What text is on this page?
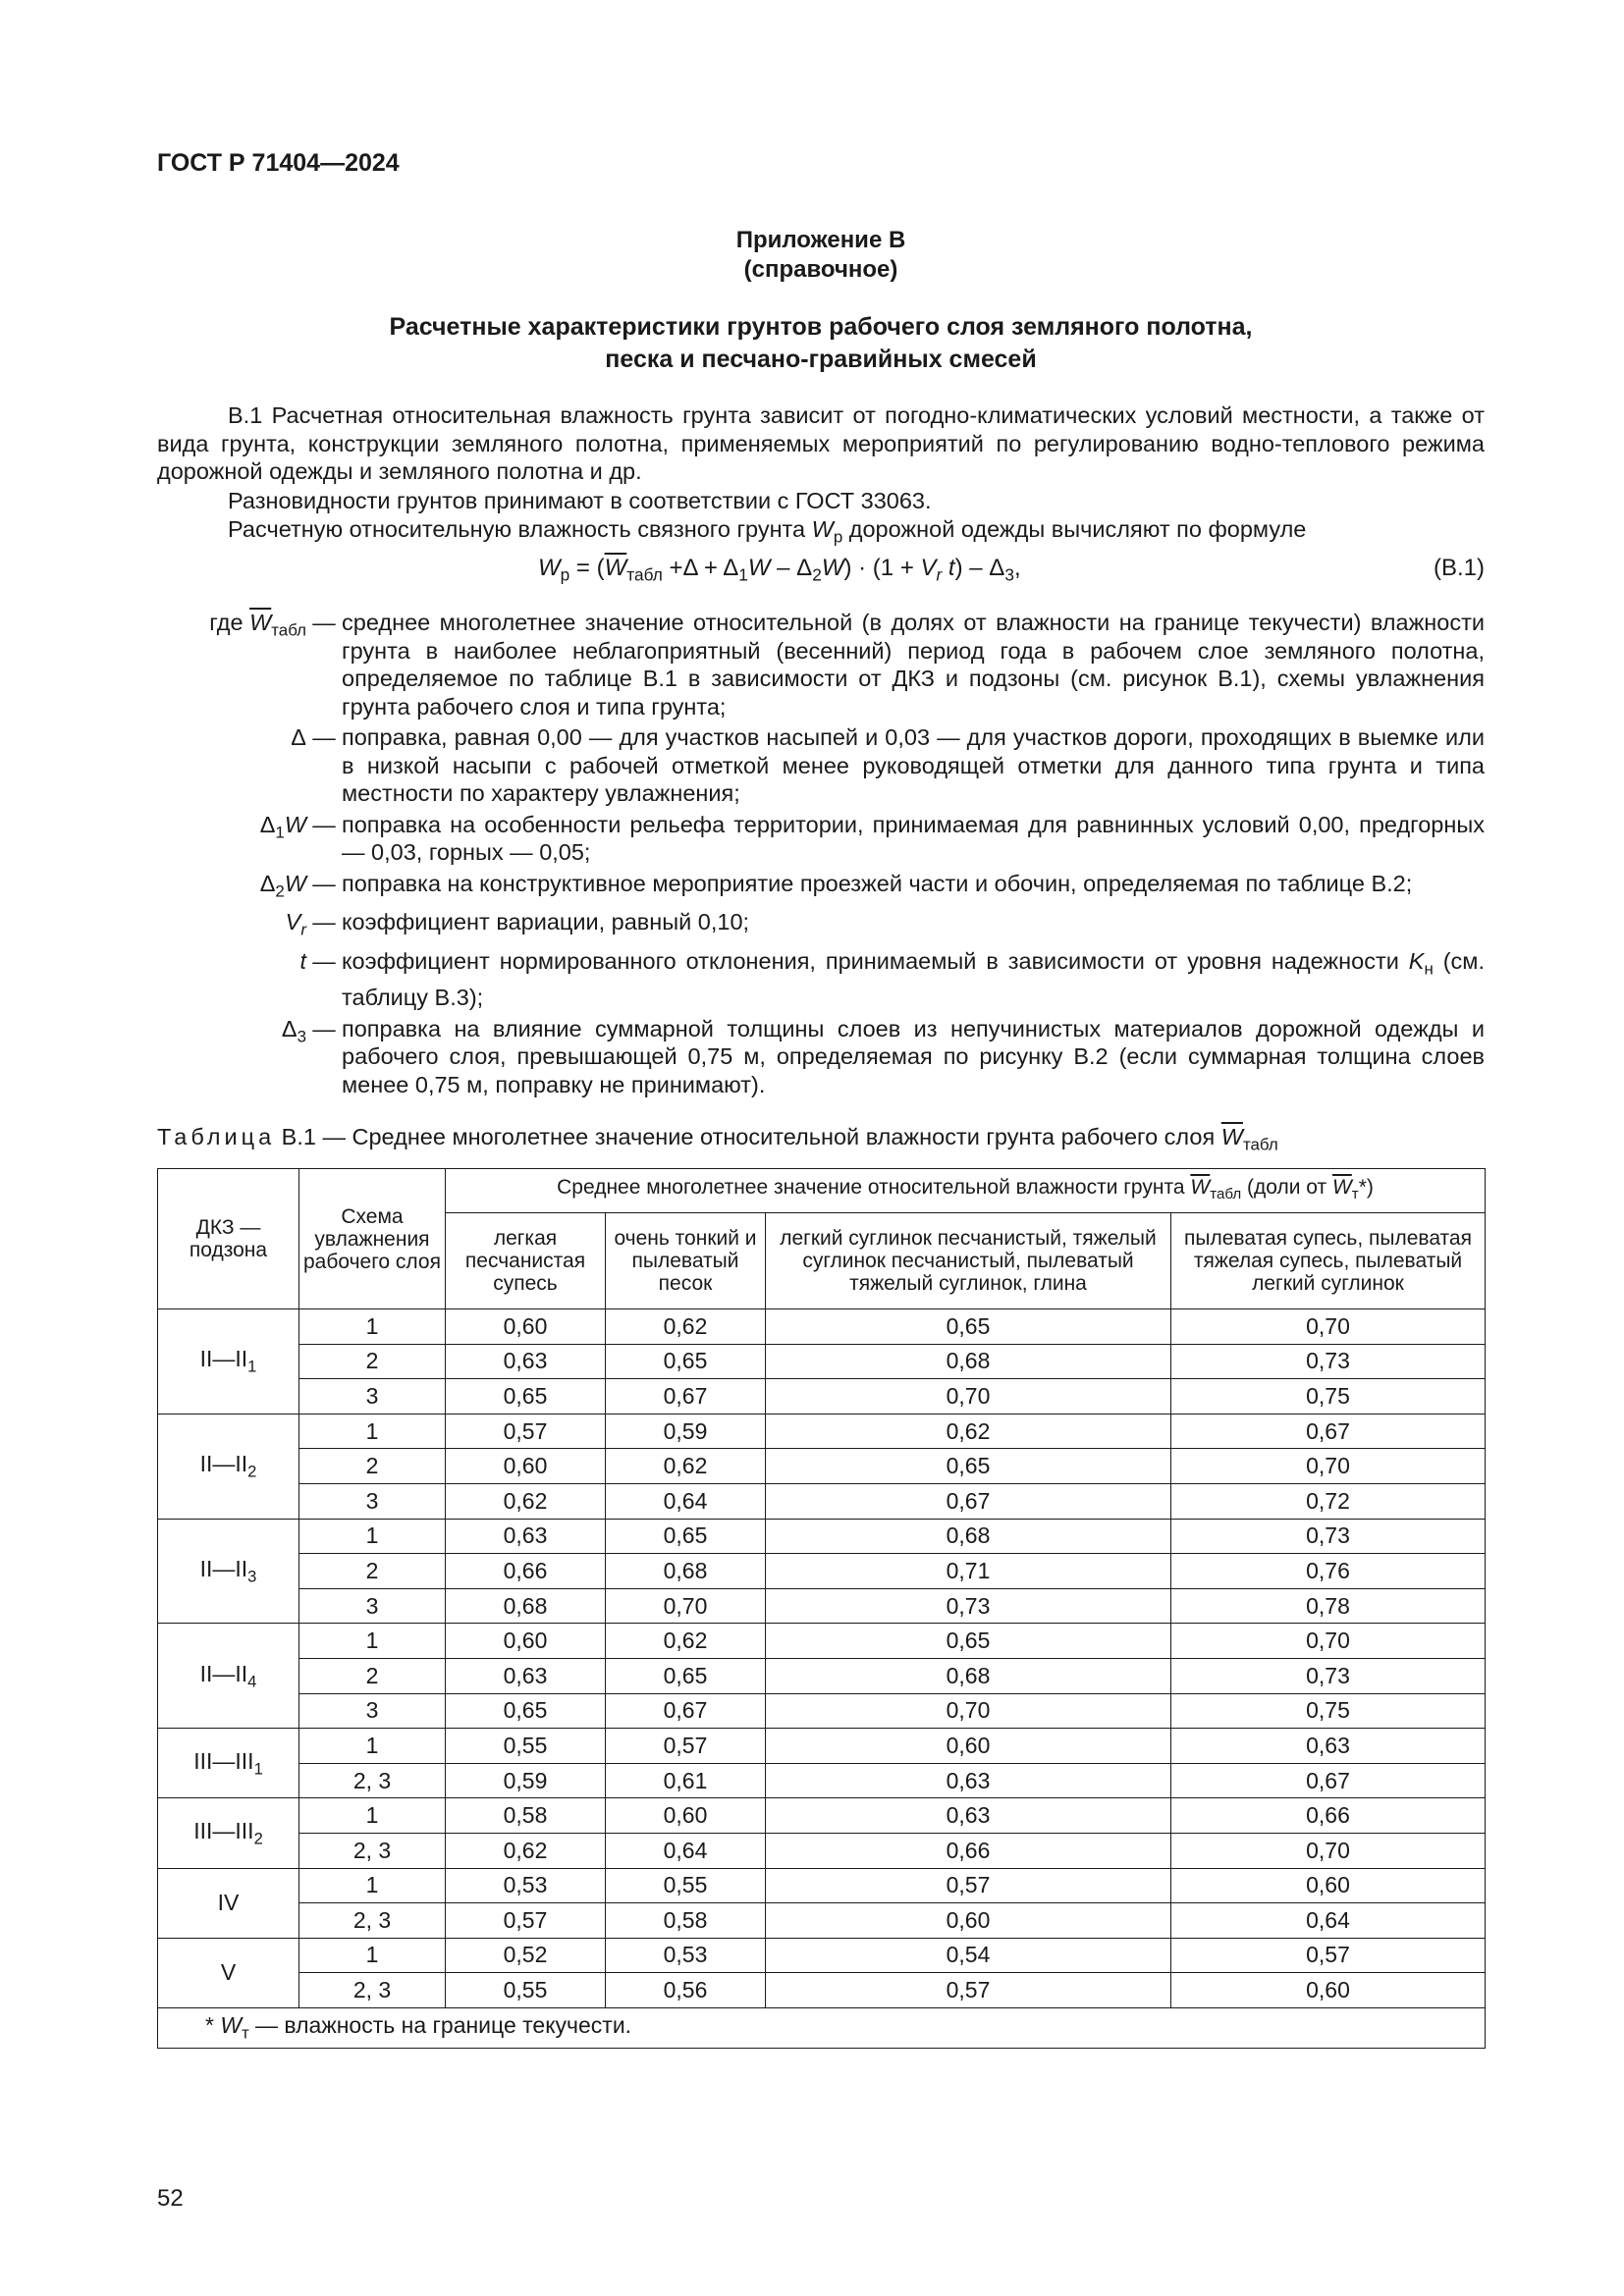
ГОСТ Р 71404—2024
Приложение В
(справочное)
Расчетные характеристики грунтов рабочего слоя земляного полотна,
песка и песчано-гравийных смесей
В.1 Расчетная относительная влажность грунта зависит от погодно-климатических условий местности, а также от вида грунта, конструкции земляного полотна, применяемых мероприятий по регулированию водно-теплового режима дорожной одежды и земляного полотна и др.
Разновидности грунтов принимают в соответствии с ГОСТ 33063.
Расчетную относительную влажность связного грунта $W_р$ дорожной одежды вычисляют по формуле
$W_р = (\overline{W}_{табл} +\Delta + \Delta_1W - \Delta_2W) \cdot (1 + V_r$ $t) - \Delta_3$,	(В.1)
где $\overline{W}_{табл}$ — среднее многолетнее значение относительной (в долях от влажности на границе текучести) влажности грунта в наиболее неблагоприятный (весенний) период года в рабочем слое земляного полотна, определяемое по таблице В.1 в зависимости от ДКЗ и подзоны (см. рисунок В.1), схемы увлажнения грунта рабочего слоя и типа грунта;
Δ — поправка, равная 0,00 — для участков насыпей и 0,03 — для участков дороги, проходящих в выемке или в низкой насыпи с рабочей отметкой менее руководящей отметки для данного типа грунта и типа местности по характеру увлажнения;
$\Delta_1W$ — поправка на особенности рельефа территории, принимаемая для равнинных условий 0,00, предгорных — 0,03, горных — 0,05;
$\Delta_2W$ — поправка на конструктивное мероприятие проезжей части и обочин, определяемая по таблице В.2;
$V_r$ — коэффициент вариации, равный 0,10;
t — коэффициент нормированного отклонения, принимаемый в зависимости от уровня надежности $K_н$ (см. таблицу В.3);
$\Delta_3$ — поправка на влияние суммарной толщины слоев из непучинистых материалов дорожной одежды и рабочего слоя, превышающей 0,75 м, определяемая по рисунку В.2 (если суммарная толщина слоев менее 0,75 м, поправку не принимают).
Таблица В.1 — Среднее многолетнее значение относительной влажности грунта рабочего слоя $\overline{W}_{табл}$
ДКЗ — подзона	Схема увлажнения рабочего слоя	Среднее многолетнее значение относительной влажности грунта $\overline{W}_{табл}$ (доли от $\overline{W}_т*$)			
		легкая песчанистая супесь	очень тонкий и пылеватый песок	легкий суглинок песчанистый, тяжелый суглинок песчанистый, пылеватый тяжелый суглинок, глина	пылеватая супесь, пылеватая тяжелая супесь, пылеватый легкий суглинок
$II—II_1$	1	0,60	0,62	0,65	0,70
	2	0,63	0,65	0,68	0,73
	3	0,65	0,67	0,70	0,75
$II—II_2$	1	0,57	0,59	0,62	0,67
	2	0,60	0,62	0,65	0,70
	3	0,62	0,64	0,67	0,72
$II—II_3$	1	0,63	0,65	0,68	0,73
	2	0,66	0,68	0,71	0,76
	3	0,68	0,70	0,73	0,78
$II—II_4$	1	0,60	0,62	0,65	0,70
	2	0,63	0,65	0,68	0,73
	3	0,65	0,67	0,70	0,75
$III—III_1$	1	0,55	0,57	0,60	0,63
	2, 3	0,59	0,61	0,63	0,67
$III—III_2$	1	0,58	0,60	0,63	0,66
	2, 3	0,62	0,64	0,66	0,70
IV	1	0,53	0,55	0,57	0,60
	2, 3	0,57	0,58	0,60	0,64
V	1	0,52	0,53	0,54	0,57
	2, 3	0,55	0,56	0,57	0,60
* $W_т$ — влажность на границе текучести.					
52
